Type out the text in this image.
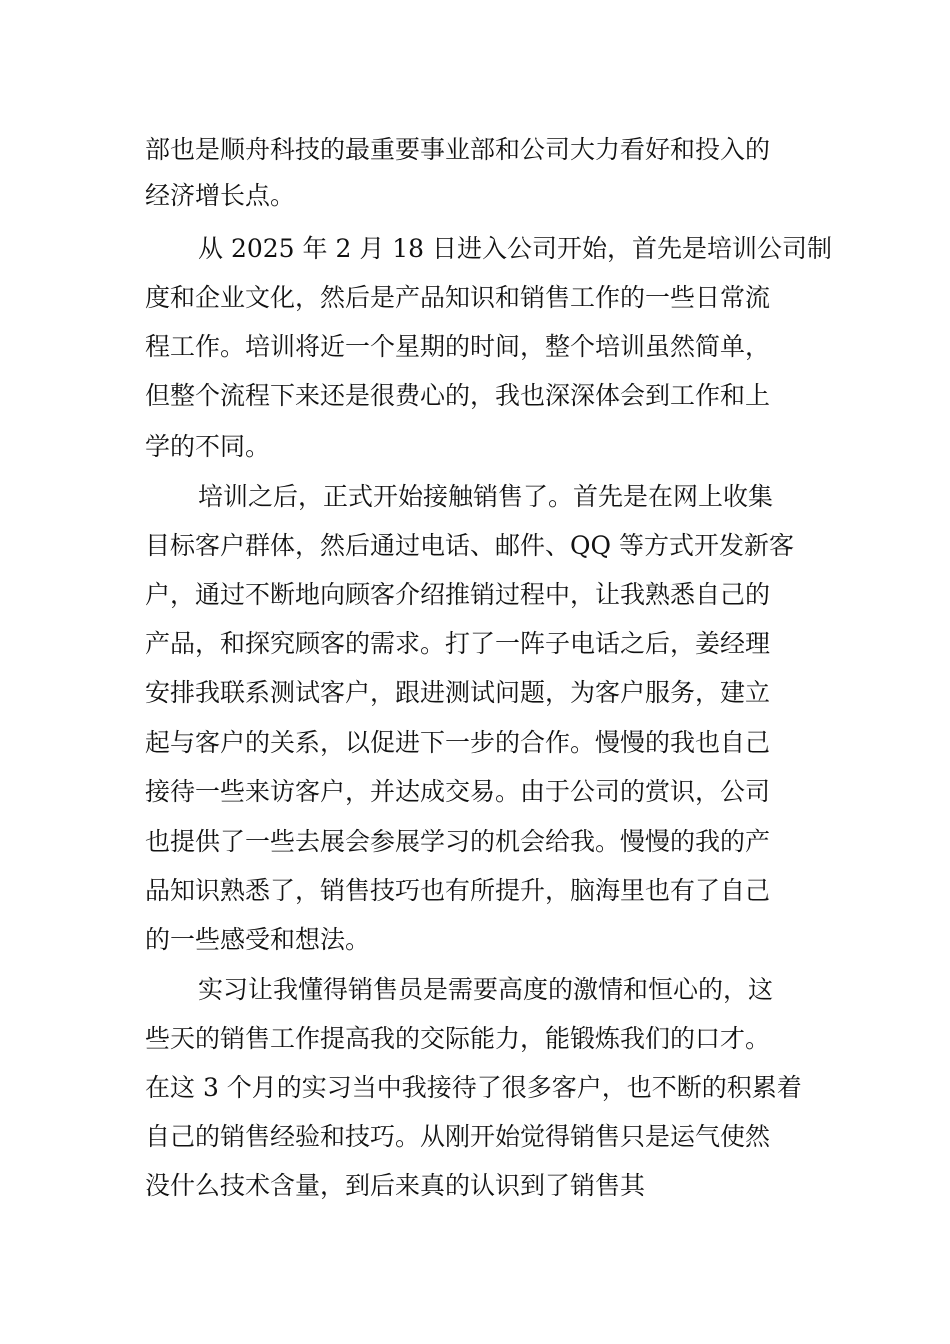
部也是顺舟科技的最重要事业部和公司大力看好和投入的
经济增长点。
从 2025 年 2 月 18 日进入公司开始，首先是培训公司制
度和企业文化，然后是产品知识和销售工作的一些日常流
程工作。培训将近一个星期的时间，整个培训虽然简单，
但整个流程下来还是很费心的，我也深深体会到工作和上
学的不同。
培训之后，正式开始接触销售了。首先是在网上收集
目标客户群体，然后通过电话、邮件、QQ 等方式开发新客
户，通过不断地向顾客介绍推销过程中，让我熟悉自己的
产品，和探究顾客的需求。打了一阵子电话之后，姜经理
安排我联系测试客户，跟进测试问题，为客户服务，建立
起与客户的关系，以促进下一步的合作。慢慢的我也自己
接待一些来访客户，并达成交易。由于公司的赏识，公司
也提供了一些去展会参展学习的机会给我。慢慢的我的产
品知识熟悉了，销售技巧也有所提升，脑海里也有了自己
的一些感受和想法。
实习让我懂得销售员是需要高度的激情和恒心的，这
些天的销售工作提高我的交际能力，能锻炼我们的口才。
在这 3 个月的实习当中我接待了很多客户，也不断的积累着
自己的销售经验和技巧。从刚开始觉得销售只是运气使然
没什么技术含量，到后来真的认识到了销售其
